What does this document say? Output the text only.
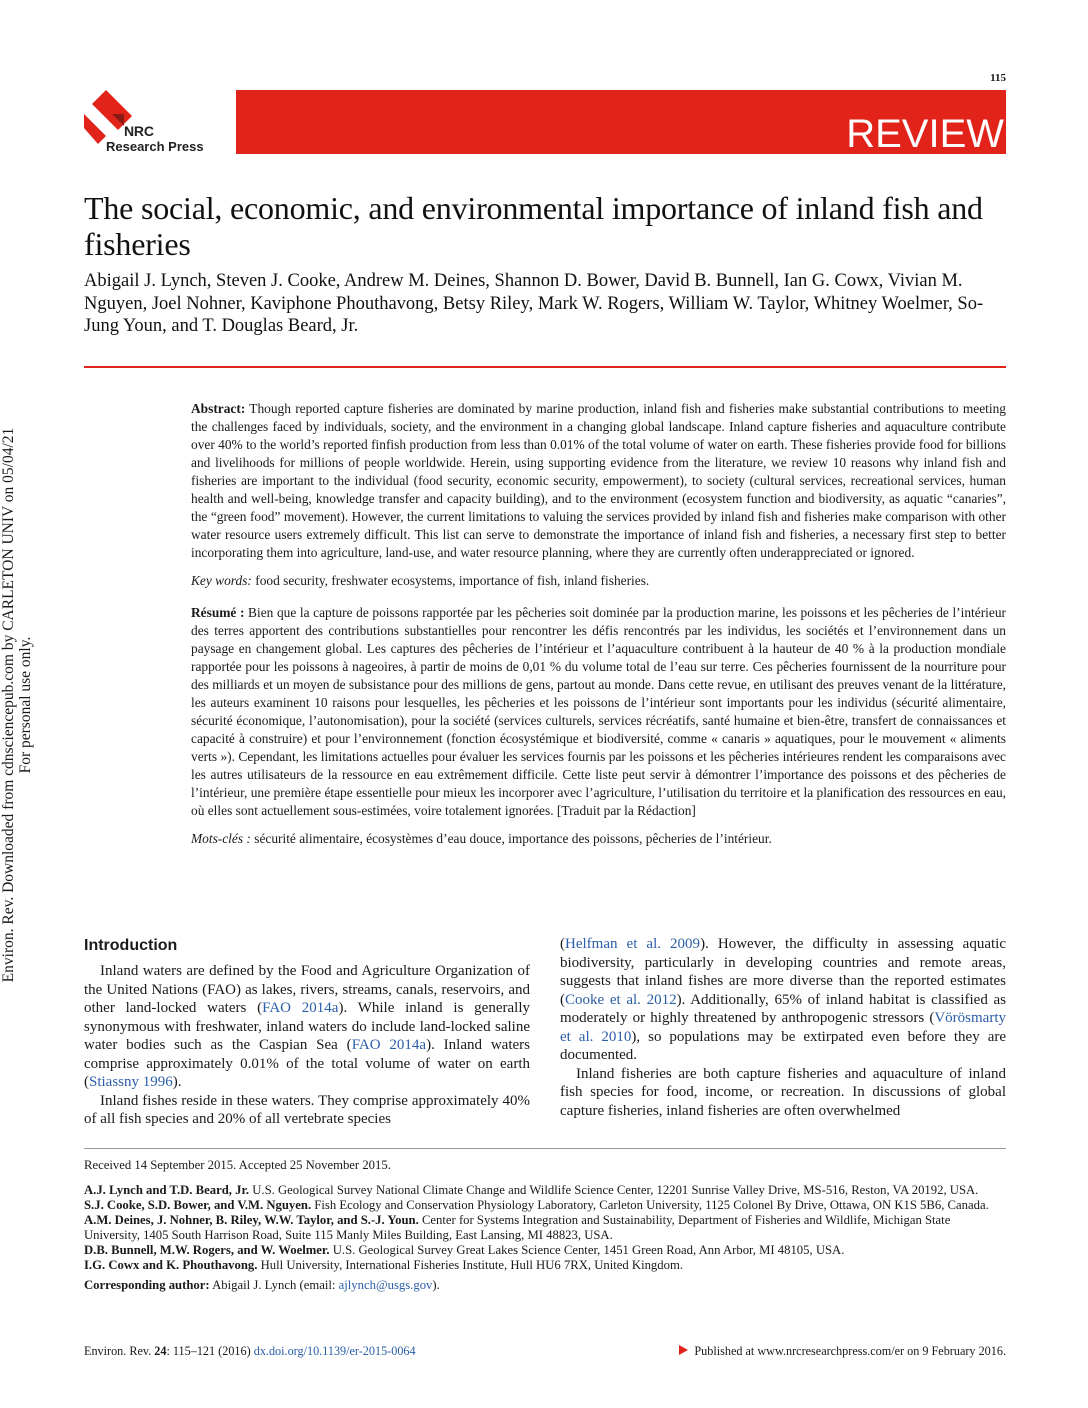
115
NRC
Research Press	REVIEW
The social, economic, and environmental importance of inland fish and fisheries
Abigail J. Lynch, Steven J. Cooke, Andrew M. Deines, Shannon D. Bower, David B. Bunnell, Ian G. Cowx, Vivian M. Nguyen, Joel Nohner, Kaviphone Phouthavong, Betsy Riley, Mark W. Rogers, William W. Taylor, Whitney Woelmer, So-Jung Youn, and T. Douglas Beard, Jr.
Environ. Rev. Downloaded from cdnsciencepub.com by CARLETON UNIV on 05/04/21
For personal use only.

Abstract: Though reported capture fisheries are dominated by marine production, inland fish and fisheries make substantial contributions to meeting the challenges faced by individuals, society, and the environment in a changing global landscape. Inland capture fisheries and aquaculture contribute over 40% to the world’s reported finfish production from less than 0.01% of the total volume of water on earth. These fisheries provide food for billions and livelihoods for millions of people worldwide. Herein, using supporting evidence from the literature, we review 10 reasons why inland fish and fisheries are important to the individual (food security, economic security, empowerment), to society (cultural services, recreational services, human health and well-being, knowledge transfer and capacity building), and to the environment (ecosystem function and biodiversity, as aquatic “canaries”, the “green food” movement). However, the current limitations to valuing the services provided by inland fish and fisheries make comparison with other water resource users extremely difficult. This list can serve to demonstrate the importance of inland fish and fisheries, a necessary first step to better incorporating them into agriculture, land-use, and water resource planning, where they are currently often underappreciated or ignored.

Key words: food security, freshwater ecosystems, importance of fish, inland fisheries.

Résumé : Bien que la capture de poissons rapportée par les pêcheries soit dominée par la production marine, les poissons et les pêcheries de l’intérieur des terres apportent des contributions substantielles pour rencontrer les défis rencontrés par les individus, les sociétés et l’environnement dans un paysage en changement global. Les captures des pêcheries de l’intérieur et l’aquaculture contribuent à la hauteur de 40 % à la production mondiale rapportée pour les poissons à nageoires, à partir de moins de 0,01 % du volume total de l’eau sur terre. Ces pêcheries fournissent de la nourriture pour des milliards et un moyen de subsistance pour des millions de gens, partout au monde. Dans cette revue, en utilisant des preuves venant de la littérature, les auteurs examinent 10 raisons pour lesquelles, les pêcheries et les poissons de l’intérieur sont importants pour les individus (sécurité alimentaire, sécurité économique, l’autonomisation), pour la société (services culturels, services récréatifs, santé humaine et bien-être, transfert de connaissances et capacité à construire) et pour l’environnement (fonction écosystémique et biodiversité, comme « canaris » aquatiques, pour le mouvement « aliments verts »). Cependant, les limitations actuelles pour évaluer les services fournis par les poissons et les pêcheries intérieures rendent les comparaisons avec les autres utilisateurs de la ressource en eau extrêmement difficile. Cette liste peut servir à démontrer l’importance des poissons et des pêcheries de l’intérieur, une première étape essentielle pour mieux les incorporer avec l’agriculture, l’utilisation du territoire et la planification des ressources en eau, où elles sont actuellement sous-estimées, voire totalement ignorées. [Traduit par la Rédaction]

Mots-clés : sécurité alimentaire, écosystèmes d’eau douce, importance des poissons, pêcheries de l’intérieur.

Introduction

Inland waters are defined by the Food and Agriculture Organization of the United Nations (FAO) as lakes, rivers, streams, canals, reservoirs, and other land-locked waters (FAO 2014a). While inland is generally synonymous with freshwater, inland waters do include land-locked saline water bodies such as the Caspian Sea (FAO 2014a). Inland waters comprise approximately 0.01% of the total volume of water on earth (Stiassny 1996).

Inland fishes reside in these waters. They comprise approximately 40% of all fish species and 20% of all vertebrate species

(Helfman et al. 2009). However, the difficulty in assessing aquatic biodiversity, particularly in developing countries and remote areas, suggests that inland fishes are more diverse than the reported estimates (Cooke et al. 2012). Additionally, 65% of inland habitat is classified as moderately or highly threatened by anthropogenic stressors (Vörösmarty et al. 2010), so populations may be extirpated even before they are documented.

Inland fisheries are both capture fisheries and aquaculture of inland fish species for food, income, or recreation. In discussions of global capture fisheries, inland fisheries are often overwhelmed

Received 14 September 2015. Accepted 25 November 2015.

A.J. Lynch and T.D. Beard, Jr. U.S. Geological Survey National Climate Change and Wildlife Science Center, 12201 Sunrise Valley Drive, MS-516, Reston, VA 20192, USA.

S.J. Cooke, S.D. Bower, and V.M. Nguyen. Fish Ecology and Conservation Physiology Laboratory, Carleton University, 1125 Colonel By Drive, Ottawa, ON K1S 5B6, Canada.

A.M. Deines, J. Nohner, B. Riley, W.W. Taylor, and S.-J. Youn. Center for Systems Integration and Sustainability, Department of Fisheries and Wildlife, Michigan State University, 1405 South Harrison Road, Suite 115 Manly Miles Building, East Lansing, MI 48823, USA.

D.B. Bunnell, M.W. Rogers, and W. Woelmer. U.S. Geological Survey Great Lakes Science Center, 1451 Green Road, Ann Arbor, MI 48105, USA.

I.G. Cowx and K. Phouthavong. Hull University, International Fisheries Institute, Hull HU6 7RX, United Kingdom.

Corresponding author: Abigail J. Lynch (email: ajlynch@usgs.gov).

Environ. Rev. 24: 115–121 (2016) dx.doi.org/10.1139/er-2015-0064	Published at www.nrcresearchpress.com/er on 9 February 2016.
